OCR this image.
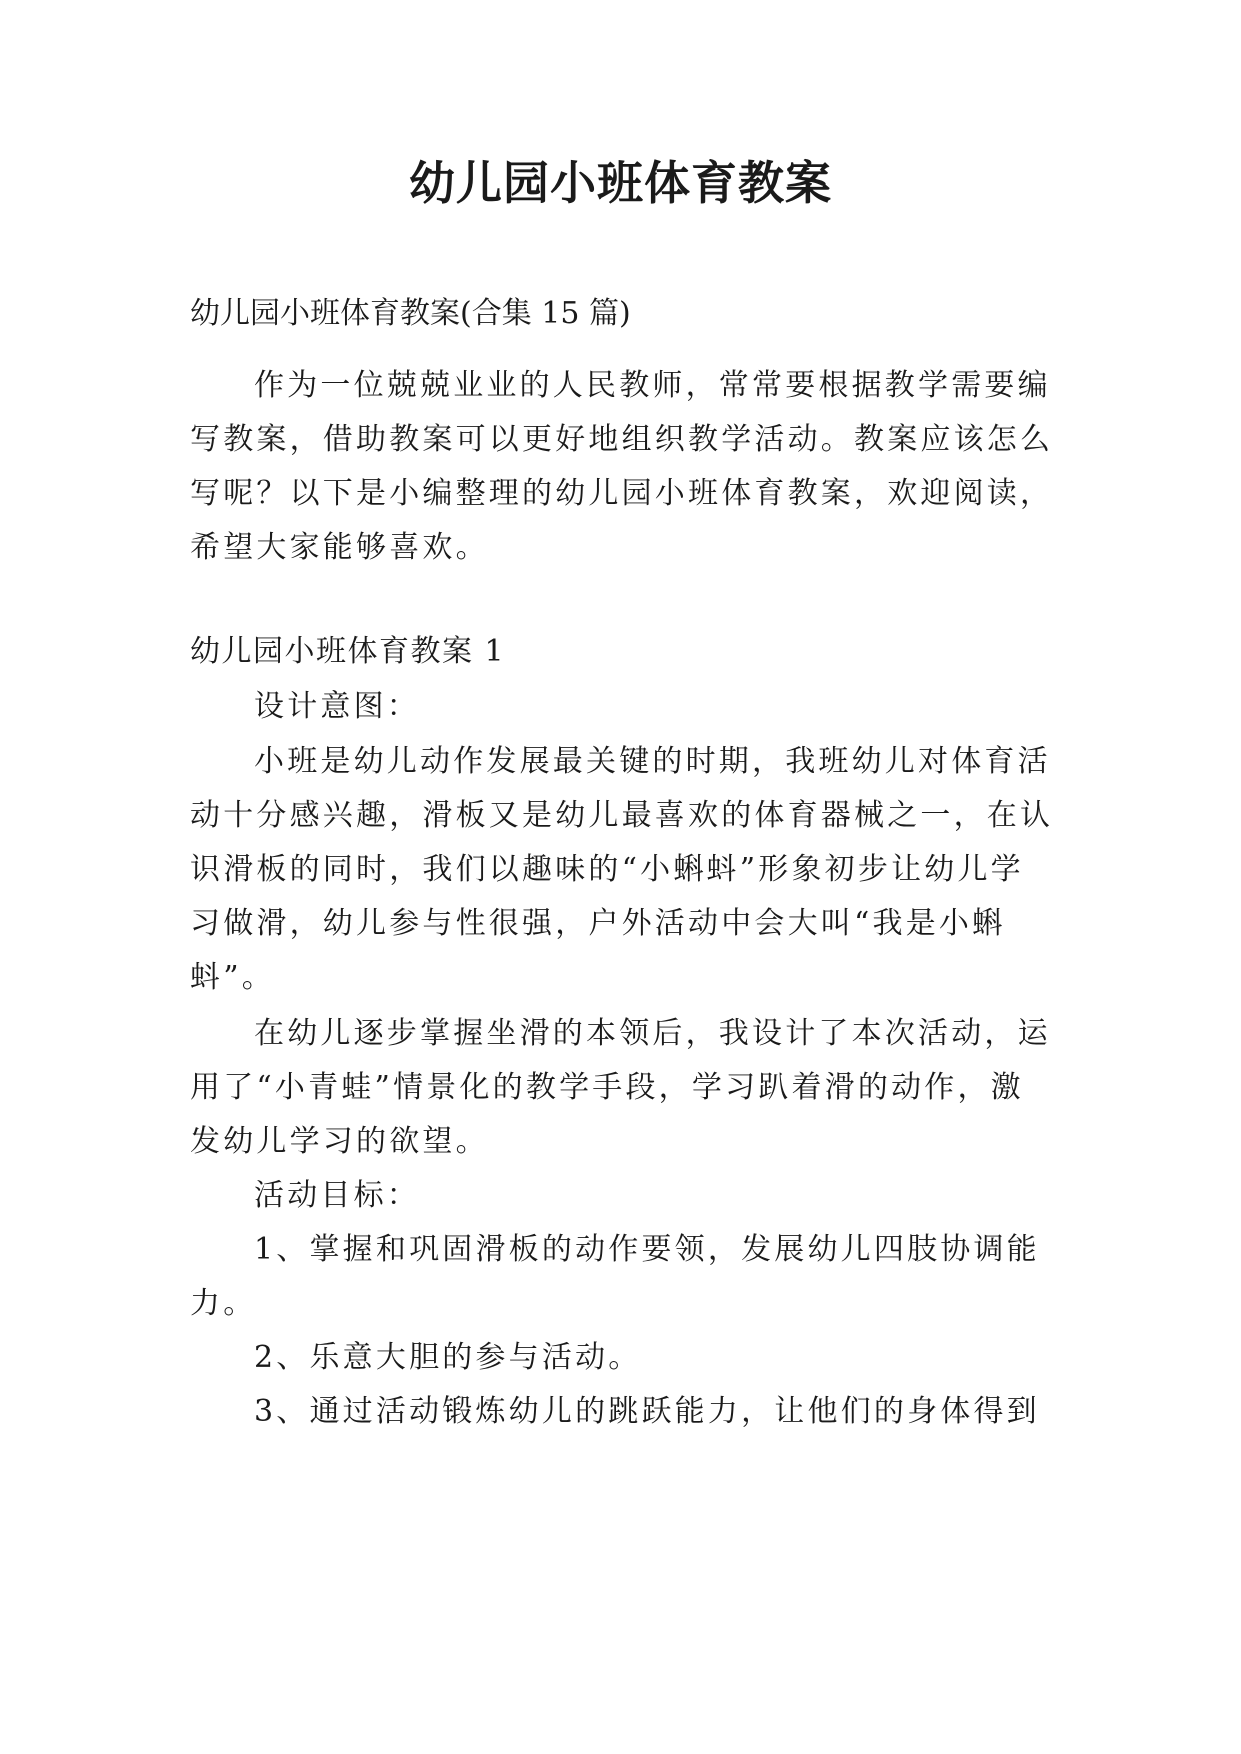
幼儿园小班体育教案
幼儿园小班体育教案(合集 15 篇)
作为一位兢兢业业的人民教师，常常要根据教学需要编
写教案，借助教案可以更好地组织教学活动。教案应该怎么
写呢？以下是小编整理的幼儿园小班体育教案，欢迎阅读，
希望大家能够喜欢。
幼儿园小班体育教案 1
设计意图：
小班是幼儿动作发展最关键的时期，我班幼儿对体育活
动十分感兴趣，滑板又是幼儿最喜欢的体育器械之一，在认
识滑板的同时，我们以趣味的“小蝌蚪”形象初步让幼儿学
习做滑，幼儿参与性很强，户外活动中会大叫“我是小蝌
蚪”。
在幼儿逐步掌握坐滑的本领后，我设计了本次活动，运
用了“小青蛙”情景化的教学手段，学习趴着滑的动作，激
发幼儿学习的欲望。
活动目标：
1、掌握和巩固滑板的动作要领，发展幼儿四肢协调能
力。
2、乐意大胆的参与活动。
3、通过活动锻炼幼儿的跳跃能力，让他们的身体得到
